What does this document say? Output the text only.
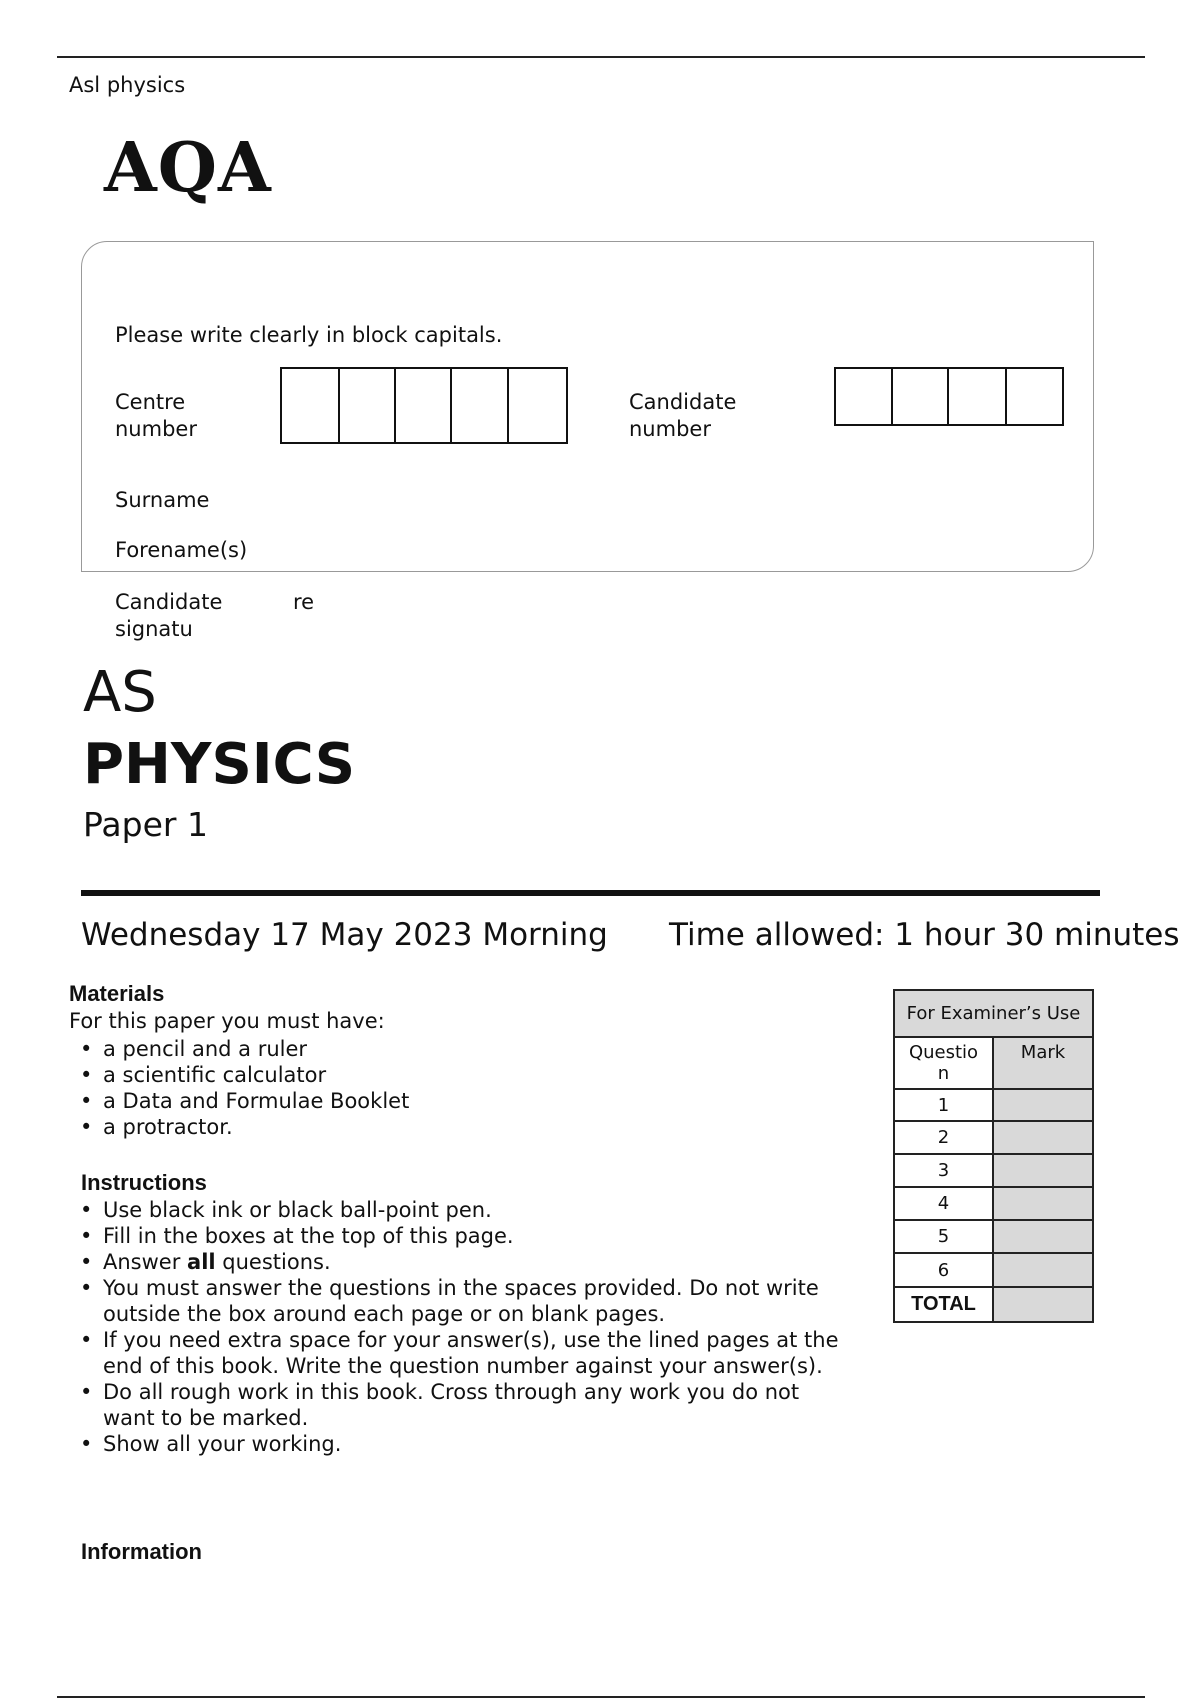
Asl physics
AQA
Please write clearly in block capitals.
Centre
number
Candidate
number
Surname
Forename(s)
Candidate
signatu
re
AS
PHYSICS
Paper 1
Wednesday 17 May 2023 Morning Time allowed: 1 hour 30 minutes
Materials
For this paper you must have:
• a pencil and a ruler
• a scientific calculator
• a Data and Formulae Booklet
• a protractor.
Instructions
• Use black ink or black ball-point pen.
• Fill in the boxes at the top of this page.
• Answer all questions.
• You must answer the questions in the spaces provided. Do not write outside the box around each page or on blank pages.
• If you need extra space for your answer(s), use the lined pages at the end of this book. Write the question number against your answer(s).
• Do all rough work in this book. Cross through any work you do not want to be marked.
• Show all your working.
Information
For Examiner’s Use	

Questio
n	Mark
1	
2	
3	
4	
5	
6	
TOTAL	
